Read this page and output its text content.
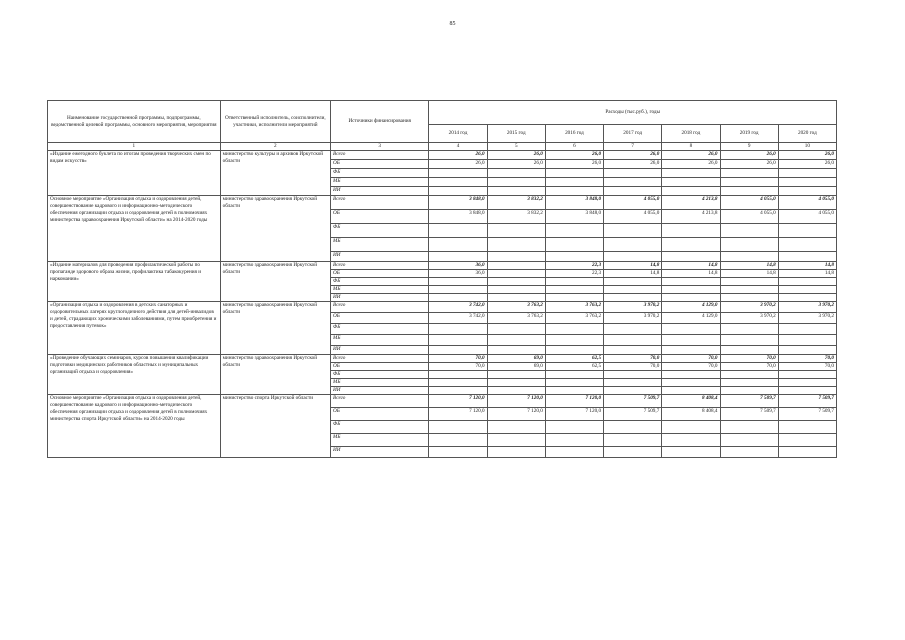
85
Наименование государственной программы, подпрограммы, ведомственной целевой программы, основного мероприятия, мероприятия	Ответственный исполнитель, соисполнители, участники, исполнители мероприятий	Источники финансирования	Расходы (тыс.руб.), годы						
			2014 год	2015 год	2016 год	2017 год	2018 год	2019 год	2020 год
1	2	3	4	5	6	7	8	9	10
«Издание ежегодного буклета по итогам проведения творческих смен по видам искусств»	министерство культуры и архивов Иркутской области	Всего	26,0	26,0	26,0	26,0	26,0	26,0	26,0
		ОБ	26,0	26,0	26,0	26,0	26,0	26,0	26,0
		ФБ							
		МБ							
		ИИ							
Основное мероприятие «Организация отдыха и оздоровления детей, совершенствование кадрового и информационно-методического обеспечения организации отдыха и оздоровления детей в полномочиях министерства здравоохранения Иркутской области» на 2014-2020 годы	министерство здравоохранения Иркутской области	Всего	3 848,0	3 832,2	3 848,0	4 055,0	4 213,8	4 055,0	4 055,0
		ОБ	3 848,0	3 832,2	3 848,0	4 055,0	4 213,8	4 055,0	4 055,0
		ФБ							
		МБ							
		ИИ							
«Издание материалов для проведения профилактической работы по пропаганде здорового образа жизни, профилактика табакокурения и наркомании»	министерство здравоохранения Иркутской области	Всего	36,0		22,3	14,8	14,8	14,8	14,8
		ОБ	36,0		22,3	14,8	14,8	14,8	14,8
		ФБ							
		МБ							
		ИИ							
«Организация отдыха и оздоровления в детских санаторных и оздоровительных лагерях круглогодичного действия для детей-инвалидов и детей, страдающих хроническими заболеваниями, путем приобретения и предоставления путевок»	министерство здравоохранения Иркутской области	Всего	3 742,0	3 763,2	3 763,2	3 970,2	4 129,0	3 970,2	3 970,2
		ОБ	3 742,0	3 763,2	3 763,2	3 970,2	4 129,0	3 970,2	3 970,2
		ФБ							
		МБ							
		ИИ							
«Проведение обучающих семинаров, курсов повышения квалификации подготовки медицинских работников областных и муниципальных организаций отдыха и оздоровления»	министерство здравоохранения Иркутской области	Всего	70,0	69,0	62,5	70,0	70,0	70,0	70,0
		ОБ	70,0	69,0	62,5	70,0	70,0	70,0	70,0
		ФБ							
		МБ							
		ИИ							
Основное мероприятие «Организация отдыха и оздоровления детей, совершенствование кадрового и информационно-методического обеспечения организации отдыха и оздоровления детей в полномочиях министерства спорта Иркутской области» на 2014-2020 годы	министерство спорта Иркутской области	Всего	7 120,0	7 120,0	7 120,0	7 509,7	8 408,4	7 509,7	7 509,7
		ОБ	7 120,0	7 120,0	7 120,0	7 509,7	8 408,4	7 509,7	7 509,7
		ФБ							
		МБ							
		ИИ							
